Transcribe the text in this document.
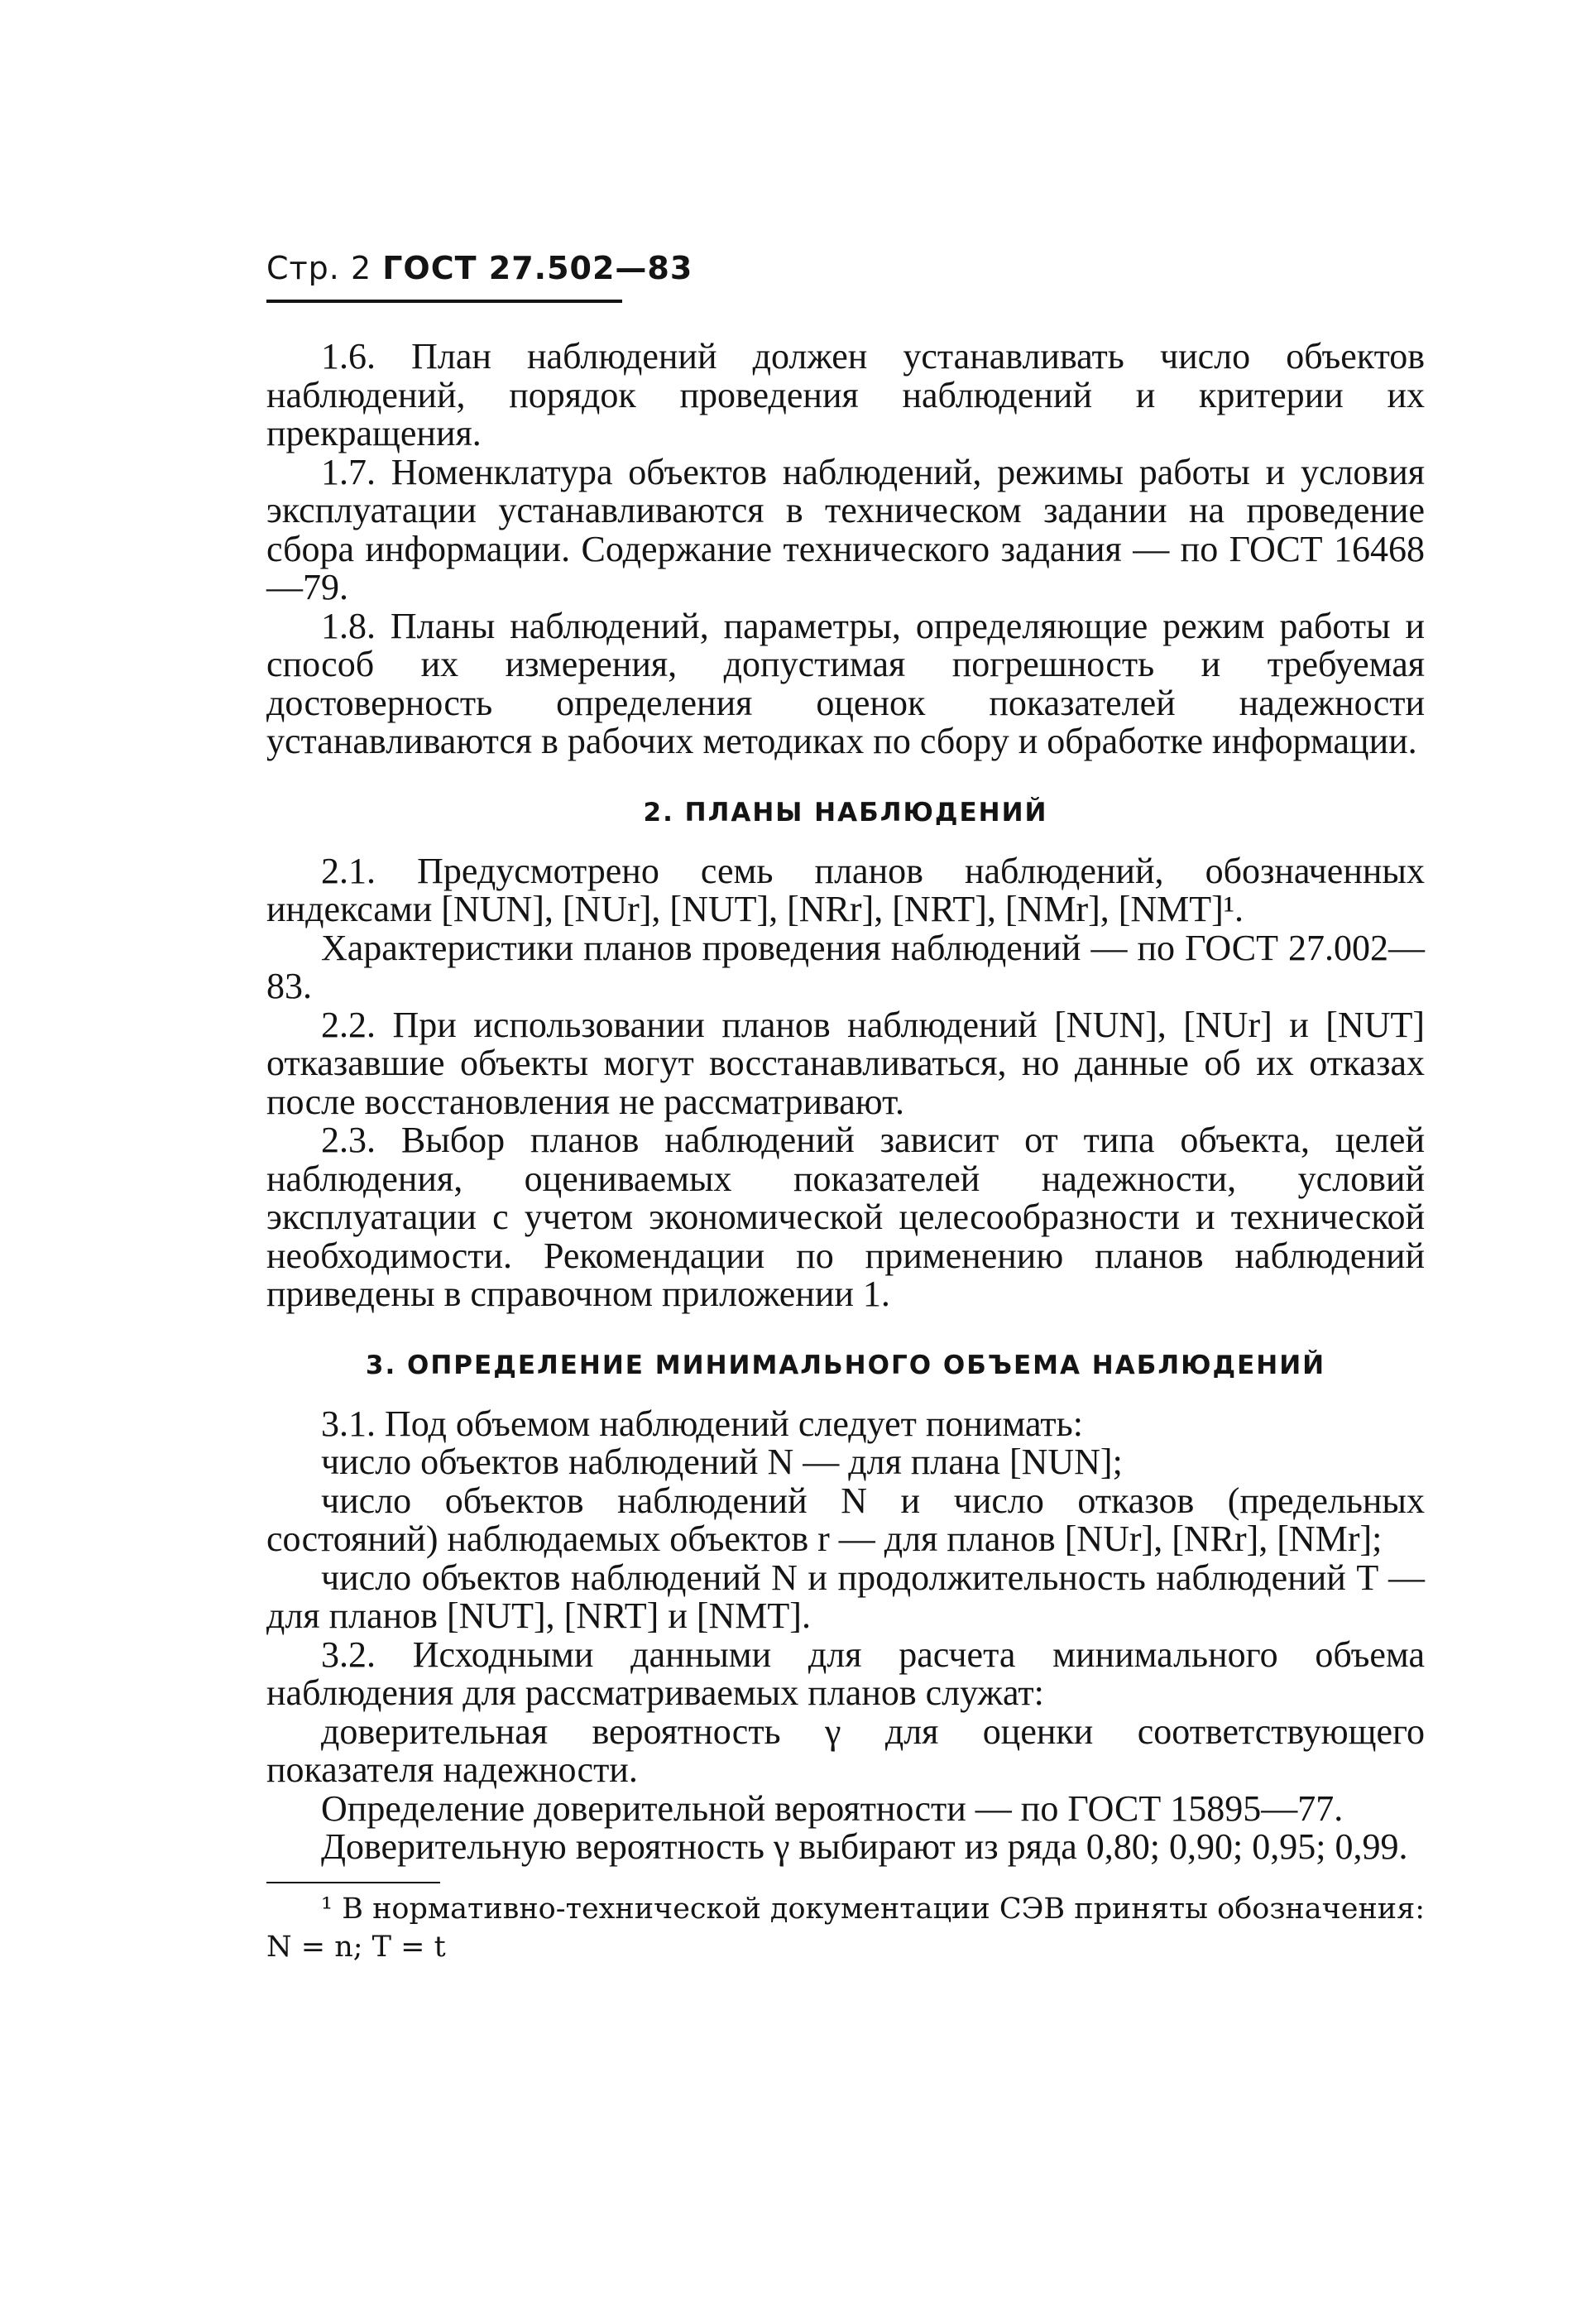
Стр. 2 ГОСТ 27.502—83

1.6. План наблюдений должен устанавливать число объектов наблюдений, порядок проведения наблюдений и критерии их прекращения.

1.7. Номенклатура объектов наблюдений, режимы работы и условия эксплуатации устанавливаются в техническом задании на проведение сбора информации. Содержание технического задания — по ГОСТ 16468—79.

1.8. Планы наблюдений, параметры, определяющие режим работы и способ их измерения, допустимая погрешность и требуемая достоверность определения оценок показателей надежности устанавливаются в рабочих методиках по сбору и обработке информации.

2. ПЛАНЫ НАБЛЮДЕНИЙ

2.1. Предусмотрено семь планов наблюдений, обозначенных индексами [NUN], [NUr], [NUT], [NRr], [NRT], [NMr], [NMT]¹.

Характеристики планов проведения наблюдений — по ГОСТ 27.002—83.

2.2. При использовании планов наблюдений [NUN], [NUr] и [NUT] отказавшие объекты могут восстанавливаться, но данные об их отказах после восстановления не рассматривают.

2.3. Выбор планов наблюдений зависит от типа объекта, целей наблюдения, оцениваемых показателей надежности, условий эксплуатации с учетом экономической целесообразности и технической необходимости. Рекомендации по применению планов наблюдений приведены в справочном приложении 1.

3. ОПРЕДЕЛЕНИЕ МИНИМАЛЬНОГО ОБЪЕМА НАБЛЮДЕНИЙ

3.1. Под объемом наблюдений следует понимать:

число объектов наблюдений N — для плана [NUN];

число объектов наблюдений N и число отказов (предельных состояний) наблюдаемых объектов r — для планов [NUr], [NRr], [NMr];

число объектов наблюдений N и продолжительность наблюдений T — для планов [NUT], [NRT] и [NMT].

3.2. Исходными данными для расчета минимального объема наблюдения для рассматриваемых планов служат:

доверительная вероятность γ для оценки соответствующего показателя надежности.

Определение доверительной вероятности — по ГОСТ 15895—77.

Доверительную вероятность γ выбирают из ряда 0,80; 0,90; 0,95; 0,99.

¹ В нормативно-технической документации СЭВ приняты обозначения: N = n; T = t
